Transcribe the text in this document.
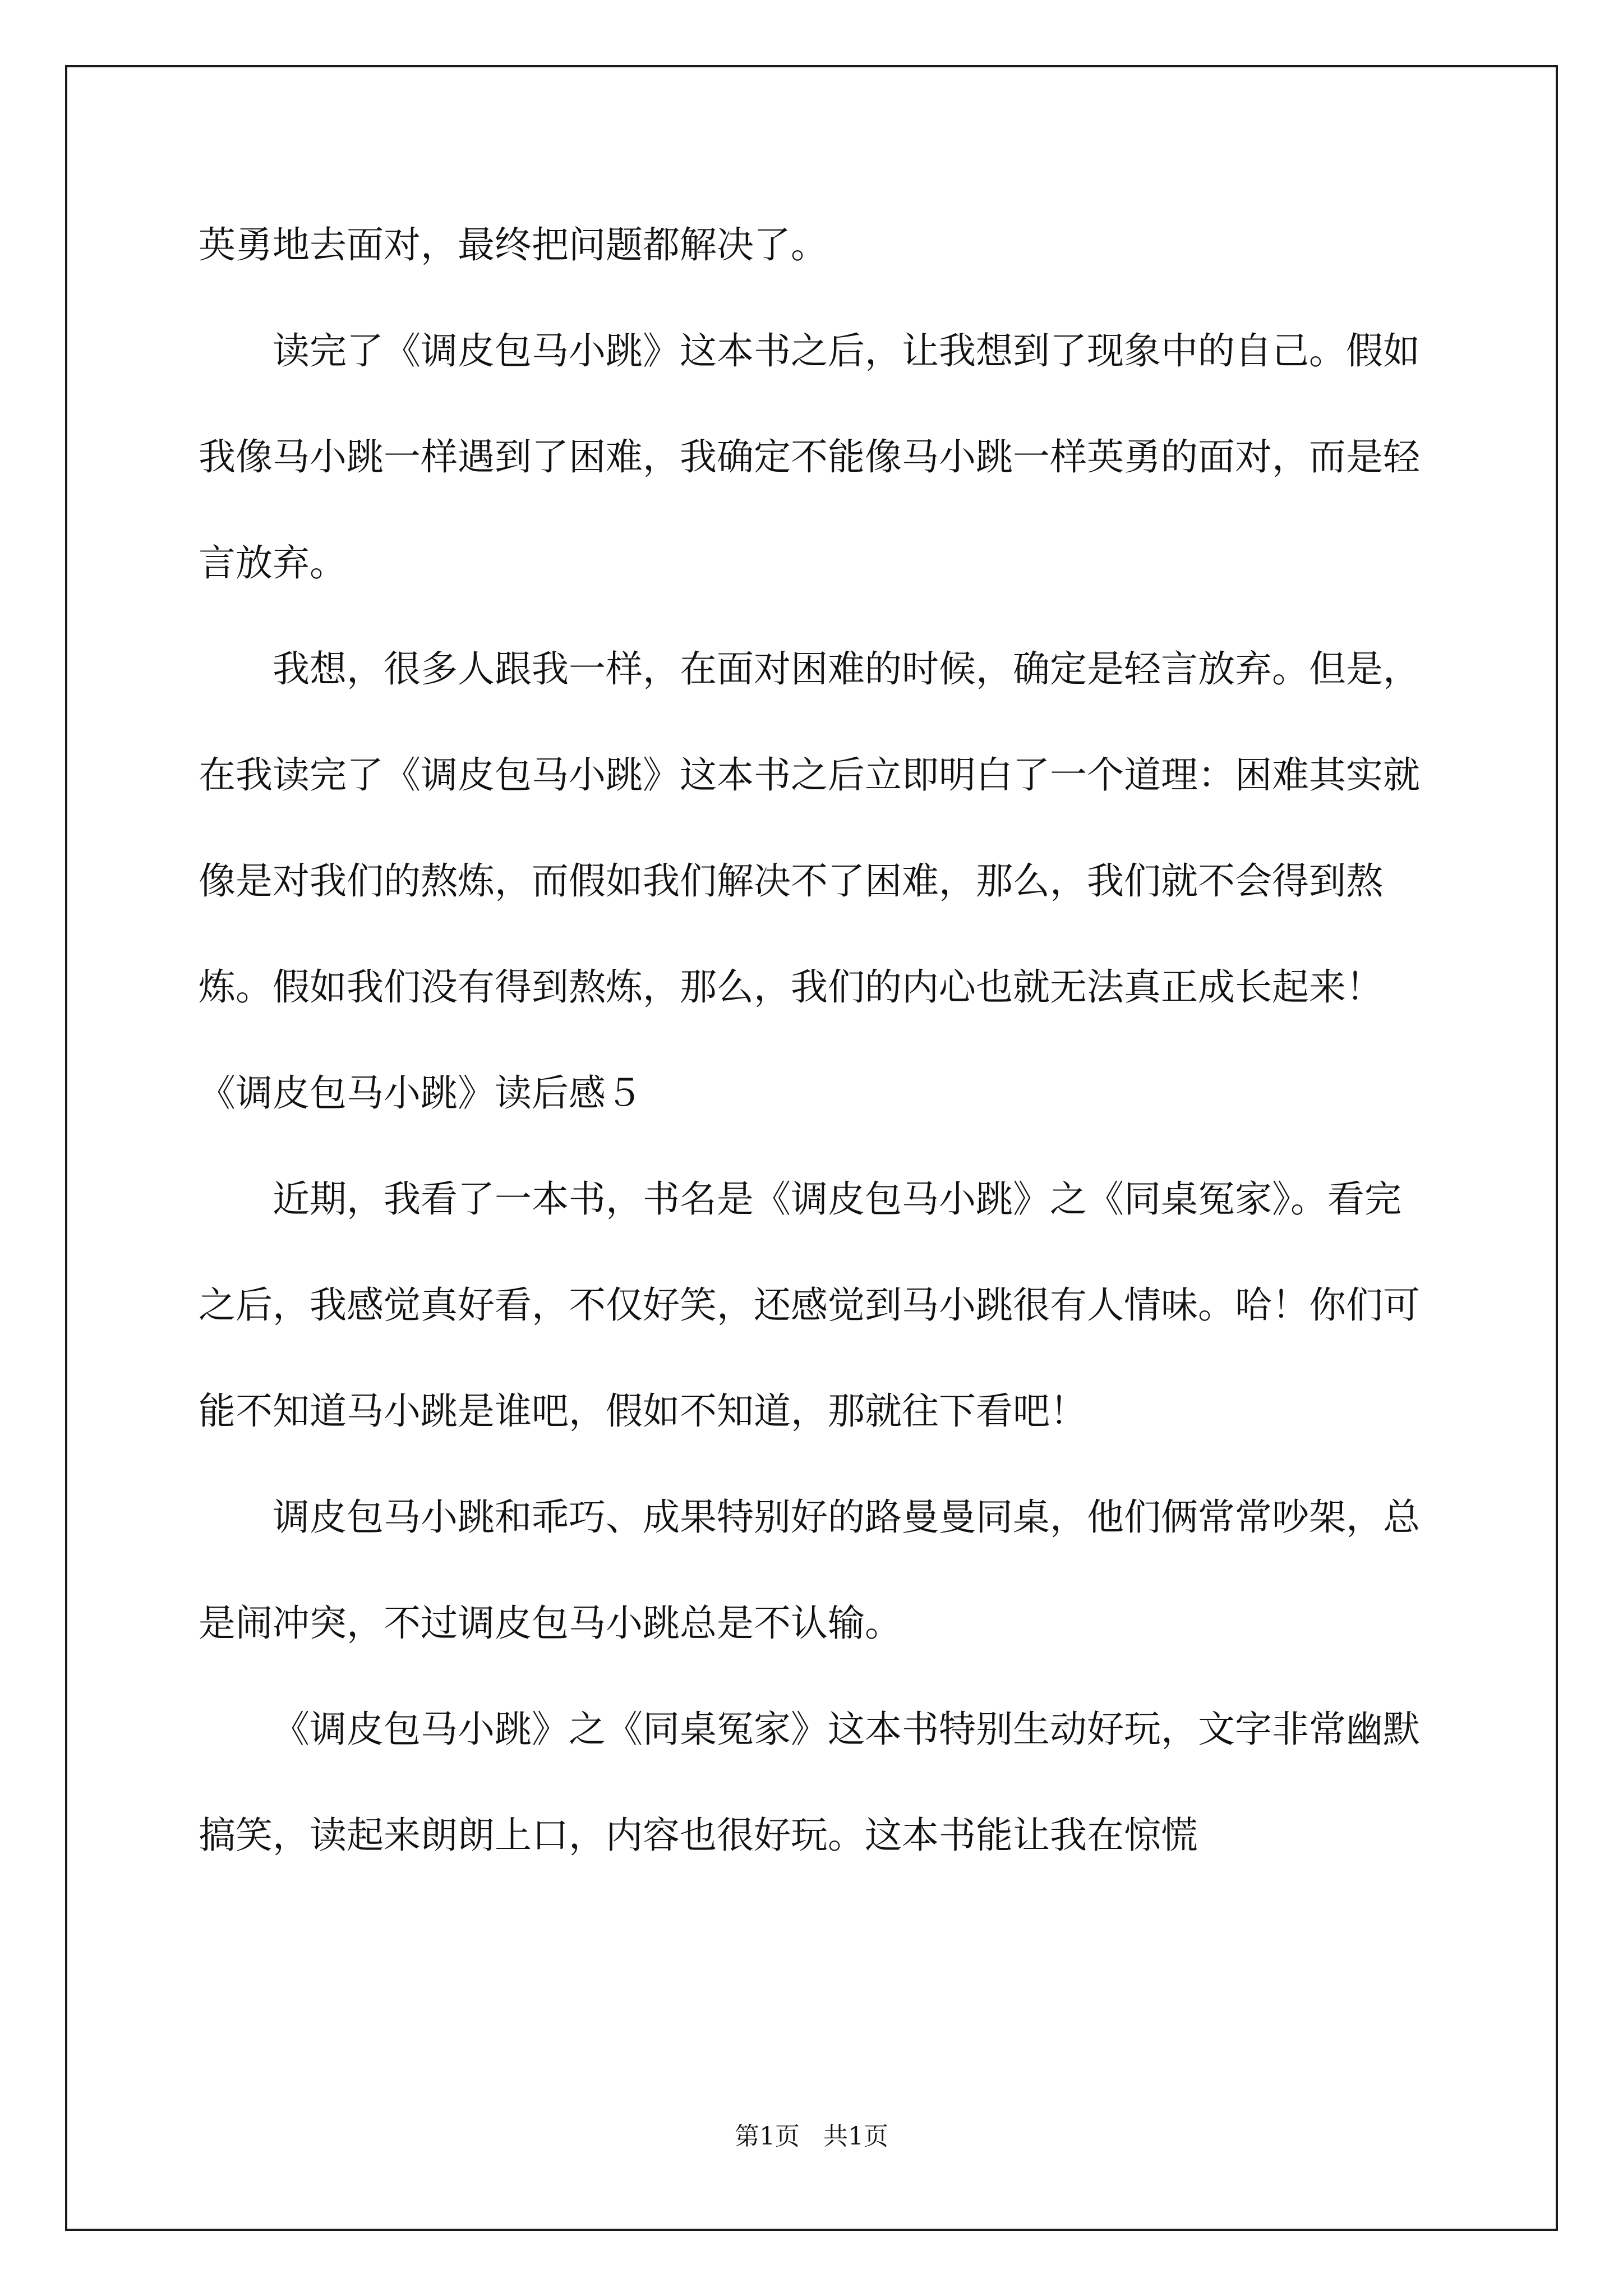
英勇地去面对，最终把问题都解决了。

读完了《调皮包马小跳》这本书之后，让我想到了现象中的自己。假如我像马小跳一样遇到了困难，我确定不能像马小跳一样英勇的面对，而是轻言放弃。

我想，很多人跟我一样，在面对困难的时候，确定是轻言放弃。但是，在我读完了《调皮包马小跳》这本书之后立即明白了一个道理：困难其实就像是对我们的熬炼，而假如我们解决不了困难，那么，我们就不会得到熬炼。假如我们没有得到熬炼，那么，我们的内心也就无法真正成长起来！

《调皮包马小跳》读后感５

近期，我看了一本书，书名是《调皮包马小跳》之《同桌冤家》。看完之后，我感觉真好看，不仅好笑，还感觉到马小跳很有人情味。哈！你们可能不知道马小跳是谁吧，假如不知道，那就往下看吧！

调皮包马小跳和乖巧、成果特别好的路曼曼同桌，他们俩常常吵架，总是闹冲突，不过调皮包马小跳总是不认输。

《调皮包马小跳》之《同桌冤家》这本书特别生动好玩，文字非常幽默搞笑，读起来朗朗上口，内容也很好玩。这本书能让我在惊慌

第1页 共1页
